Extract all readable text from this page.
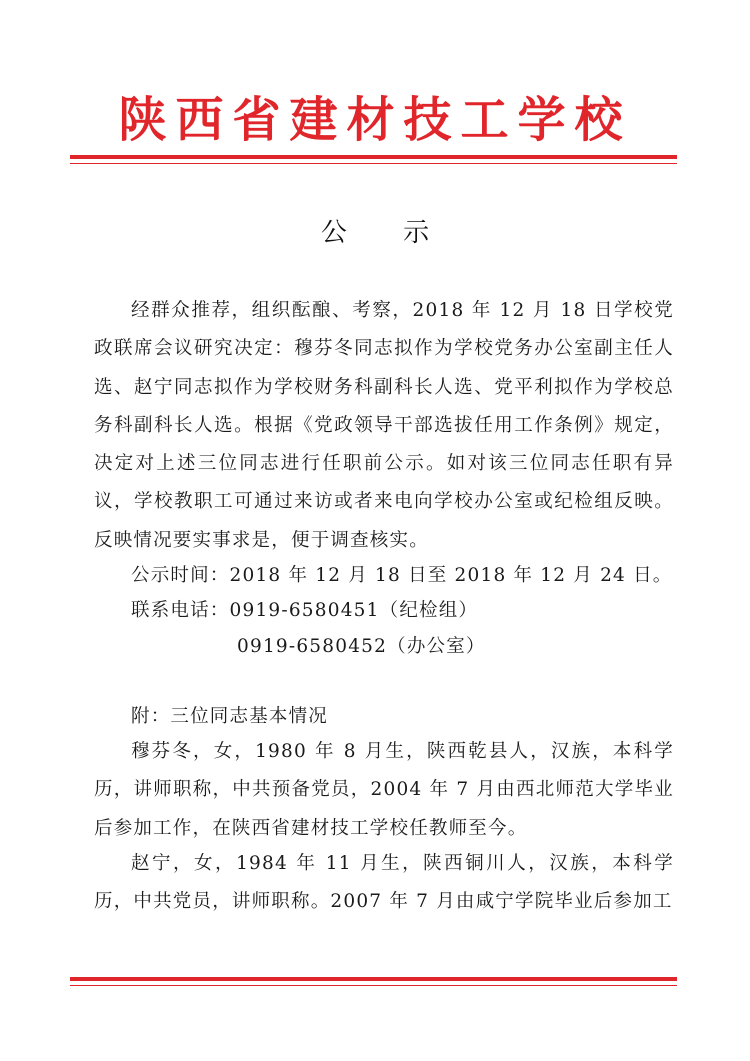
陕西省建材技工学校
公 示
经群众推荐，组织酝酿、考察，2018 年 12 月 18 日学校党政联席会议研究决定：穆芬冬同志拟作为学校党务办公室副主任人选、赵宁同志拟作为学校财务科副科长人选、党平利拟作为学校总务科副科长人选。根据《党政领导干部选拔任用工作条例》规定，决定对上述三位同志进行任职前公示。如对该三位同志任职有异议，学校教职工可通过来访或者来电向学校办公室或纪检组反映。反映情况要实事求是，便于调查核实。
公示时间：2018 年 12 月 18 日至 2018 年 12 月 24 日。
联系电话：0919-6580451（纪检组）
0919-6580452（办公室）
附：三位同志基本情况
穆芬冬，女，1980 年 8 月生，陕西乾县人，汉族，本科学历，讲师职称，中共预备党员，2004 年 7 月由西北师范大学毕业后参加工作，在陕西省建材技工学校任教师至今。
赵宁，女，1984 年 11 月生，陕西铜川人，汉族，本科学历，中共党员，讲师职称。2007 年 7 月由咸宁学院毕业后参加工
